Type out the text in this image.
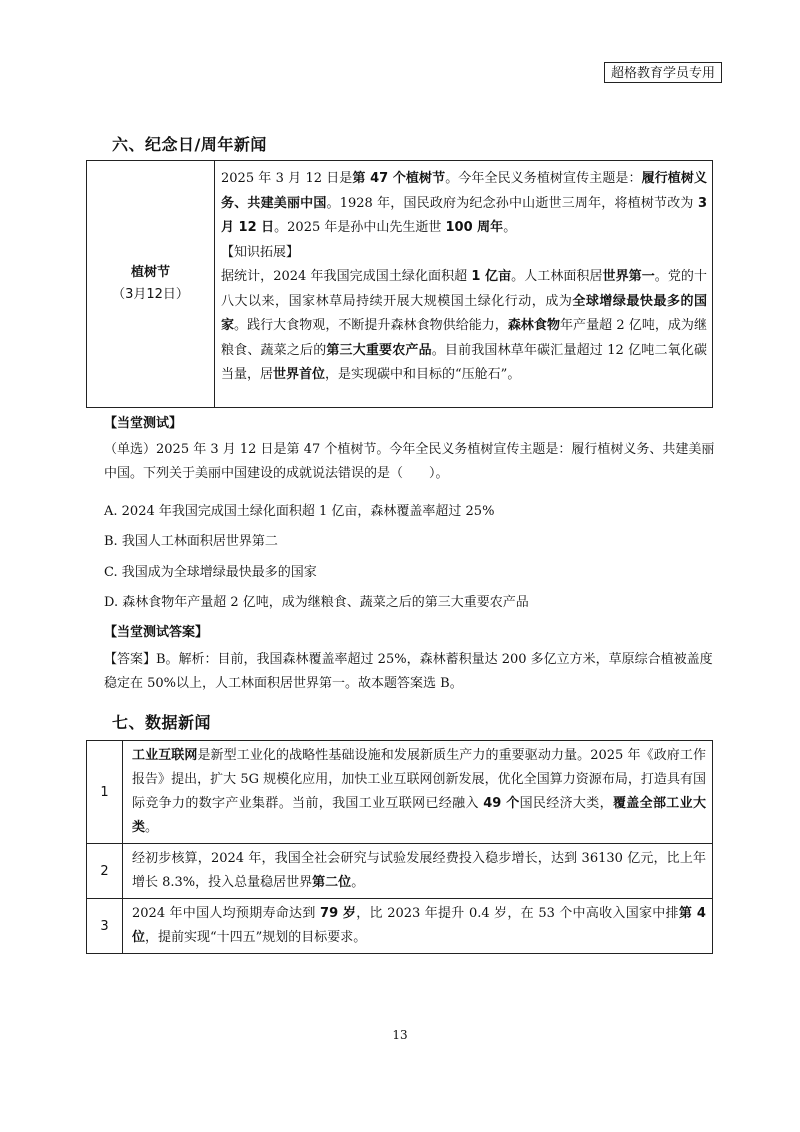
超格教育学员专用
六、纪念日/周年新闻
植树节
（3月12日）
2025 年 3 月 12 日是第 47 个植树节。今年全民义务植树宣传主题是：履行植树义务、共建美丽中国。1928 年，国民政府为纪念孙中山逝世三周年，将植树节改为 3 月 12 日。2025 年是孙中山先生逝世 100 周年。
【知识拓展】
据统计，2024 年我国完成国土绿化面积超 1 亿亩。人工林面积居世界第一。党的十八大以来，国家林草局持续开展大规模国土绿化行动，成为全球增绿最快最多的国家。践行大食物观，不断提升森林食物供给能力，森林食物年产量超 2 亿吨，成为继粮食、蔬菜之后的第三大重要农产品。目前我国林草年碳汇量超过 12 亿吨二氧化碳当量，居世界首位，是实现碳中和目标的“压舱石”。
【当堂测试】
（单选）2025 年 3 月 12 日是第 47 个植树节。今年全民义务植树宣传主题是：履行植树义务、共建美丽中国。下列关于美丽中国建设的成就说法错误的是（　　）。
A. 2024 年我国完成国土绿化面积超 1 亿亩，森林覆盖率超过 25%
B. 我国人工林面积居世界第二
C. 我国成为全球增绿最快最多的国家
D. 森林食物年产量超 2 亿吨，成为继粮食、蔬菜之后的第三大重要农产品
【当堂测试答案】
【答案】B。解析：目前，我国森林覆盖率超过 25%，森林蓄积量达 200 多亿立方米，草原综合植被盖度稳定在 50%以上，人工林面积居世界第一。故本题答案选 B。
七、数据新闻
1
工业互联网是新型工业化的战略性基础设施和发展新质生产力的重要驱动力量。2025 年《政府工作报告》提出，扩大 5G 规模化应用，加快工业互联网创新发展，优化全国算力资源布局，打造具有国际竞争力的数字产业集群。当前，我国工业互联网已经融入 49 个国民经济大类，覆盖全部工业大类。
2
经初步核算，2024 年，我国全社会研究与试验发展经费投入稳步增长，达到 36130 亿元，比上年增长 8.3%，投入总量稳居世界第二位。
3
2024 年中国人均预期寿命达到 79 岁，比 2023 年提升 0.4 岁，在 53 个中高收入国家中排第 4 位，提前实现“十四五”规划的目标要求。
13
